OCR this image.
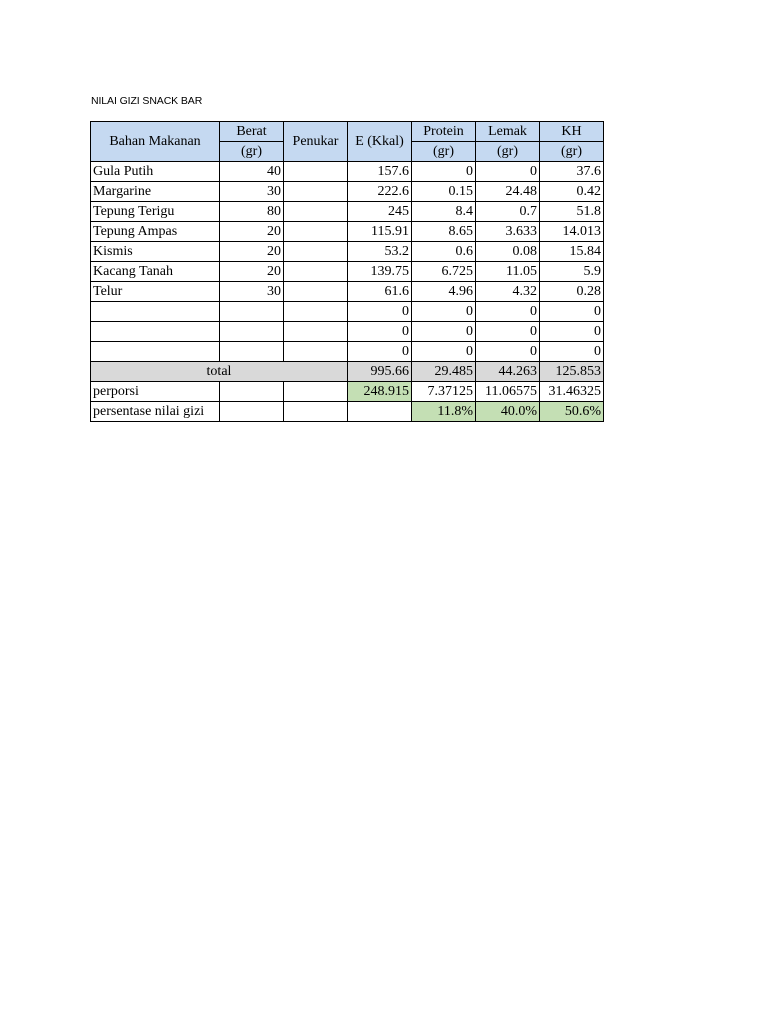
NILAI GIZI SNACK BAR
Bahan Makanan	Berat	Penukar	E (Kkal)	Protein	Lemak	KH
	(gr)			(gr)	(gr)	(gr)
Gula Putih	40		157.6	0	0	37.6
Margarine	30		222.6	0.15	24.48	0.42
Tepung Terigu	80		245	8.4	0.7	51.8
Tepung Ampas	20		115.91	8.65	3.633	14.013
Kismis	20		53.2	0.6	0.08	15.84
Kacang Tanah	20		139.75	6.725	11.05	5.9
Telur	30		61.6	4.96	4.32	0.28
			0	0	0	0
			0	0	0	0
			0	0	0	0
total			995.66	29.485	44.263	125.853
perporsi			248.915	7.37125	11.06575	31.46325
persentase nilai gizi				11.8%	40.0%	50.6%
